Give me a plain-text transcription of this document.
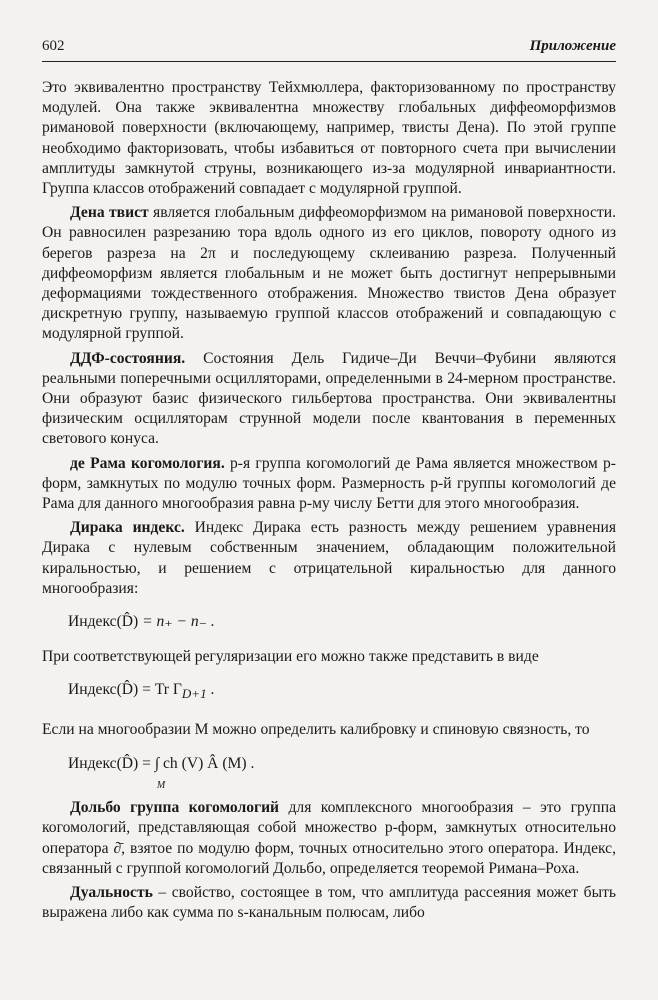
602	Приложение

Это эквивалентно пространству Тейхмюллера, факторизованному по пространству модулей. Она также эквивалентна множеству глобальных диффеоморфизмов римановой поверхности (включающему, например, твисты Дена). По этой группе необходимо факторизовать, чтобы избавиться от повторного счета при вычислении амплитуды замкнутой струны, возникающего из-за модулярной инвариантности. Группа классов отображений совпадает с модулярной группой.

Дена твист является глобальным диффеоморфизмом на римановой поверхности. Он равносилен разрезанию тора вдоль одного из его циклов, повороту одного из берегов разреза на 2π и последующему склеиванию разреза. Полученный диффеоморфизм является глобальным и не может быть достигнут непрерывными деформациями тождественного отображения. Множество твистов Дена образует дискретную группу, называемую группой классов отображений и совпадающую с модулярной группой.

ДДФ-состояния. Состояния Дель Гидиче–Ди Веччи–Фубини являются реальными поперечными осцилляторами, определенными в 24-мерном пространстве. Они образуют базис физического гильбертова пространства. Они эквивалентны физическим осцилляторам струнной модели после квантования в переменных светового конуса.

де Рама когомология. p-я группа когомологий де Рама является множеством p-форм, замкнутых по модулю точных форм. Размерность p-й группы когомологий де Рама для данного многообразия равна p-му числу Бетти для этого многообразия.

Дирака индекс. Индекс Дирака есть разность между решением уравнения Дирака с нулевым собственным значением, обладающим положительной киральностью, и решением с отрицательной киральностью для данного многообразия:

Индекс(D̂) = n₊ − n₋ .

При соответствующей регуляризации его можно также представить в виде

Индекс(D̂) = Tr $\Gamma_{D+1}$ .

Если на многообразии M можно определить калибровку и спиновую связность, то

Индекс(D̂) = ∫
M
ch (V) Â (M) .

Дольбо группа когомологий для комплексного многообразия – это группа когомологий, представляющая собой множество p-форм, замкнутых относительно оператора ∂̄, взятое по модулю форм, точных относительно этого оператора. Индекс, связанный с группой когомологий Дольбо, определяется теоремой Римана–Роха.

Дуальность – свойство, состоящее в том, что амплитуда рассеяния может быть выражена либо как сумма по s-канальным полюсам, либо
